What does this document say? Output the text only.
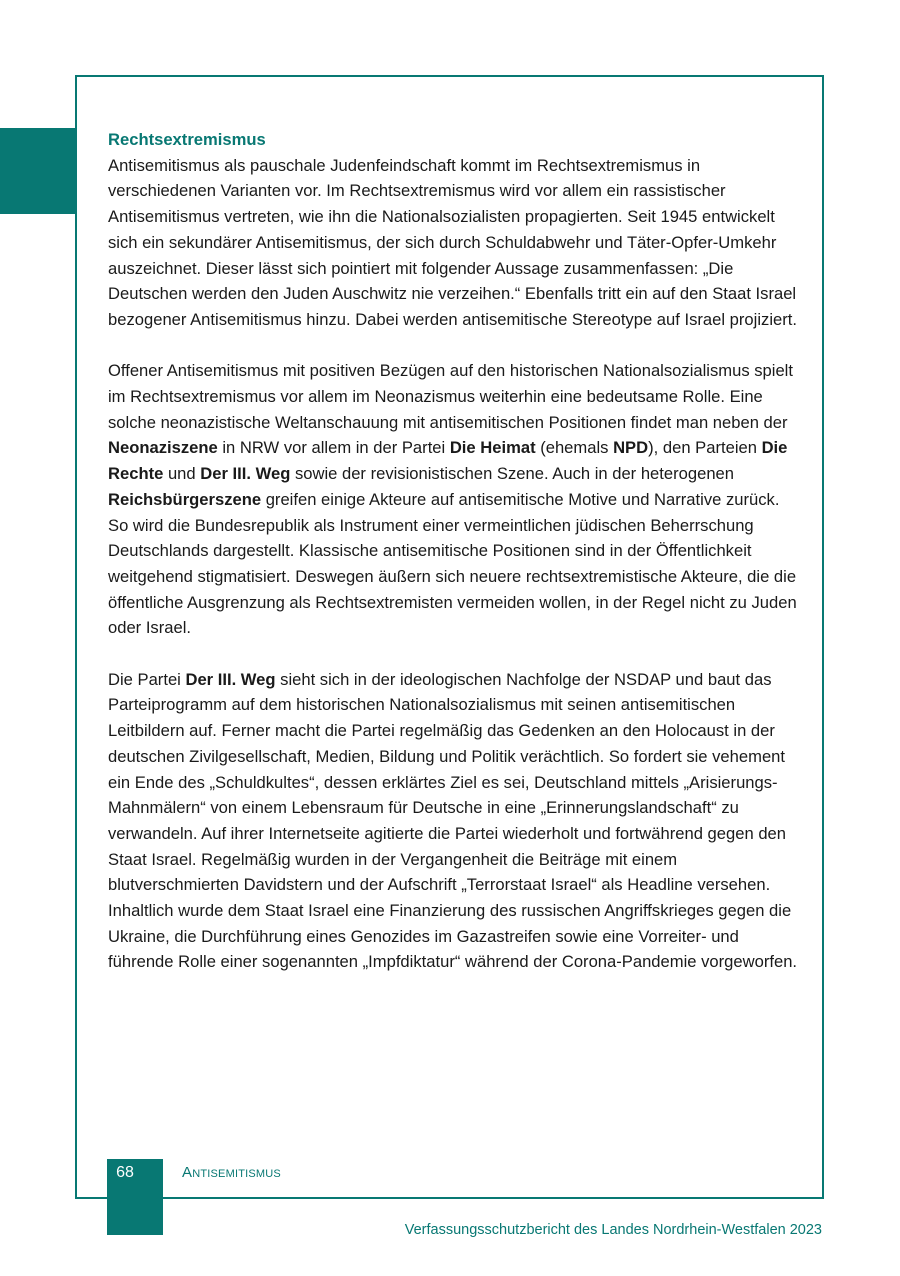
Rechtsextremismus

Antisemitismus als pauschale Judenfeindschaft kommt im Rechtsextremismus in verschiedenen Varianten vor. Im Rechtsextremismus wird vor allem ein rassistischer Antisemitismus vertreten, wie ihn die Nationalsozialisten propagierten. Seit 1945 entwickelt sich ein sekundärer Antisemitismus, der sich durch Schuldabwehr und Täter-Opfer-Umkehr auszeichnet. Dieser lässt sich pointiert mit folgender Aussage zusammenfassen: „Die Deutschen werden den Juden Auschwitz nie verzeihen.“ Ebenfalls tritt ein auf den Staat Israel bezogener Antisemitismus hinzu. Dabei werden antisemitische Stereotype auf Israel projiziert.

Offener Antisemitismus mit positiven Bezügen auf den historischen Nationalsozialismus spielt im Rechtsextremismus vor allem im Neonazismus weiterhin eine bedeutsame Rolle. Eine solche neonazistische Weltanschauung mit antisemitischen Positionen findet man neben der Neonaziszene in NRW vor allem in der Partei Die Heimat (ehemals NPD), den Parteien Die Rechte und Der III. Weg sowie der revisionistischen Szene. Auch in der heterogenen Reichsbürgerszene greifen einige Akteure auf antisemitische Motive und Narrative zurück. So wird die Bundesrepublik als Instrument einer vermeintlichen jüdischen Beherrschung Deutschlands dargestellt. Klassische antisemitische Positionen sind in der Öffentlichkeit weitgehend stigmatisiert. Deswegen äußern sich neuere rechtsextremistische Akteure, die die öffentliche Ausgrenzung als Rechtsextremisten vermeiden wollen, in der Regel nicht zu Juden oder Israel.

Die Partei Der III. Weg sieht sich in der ideologischen Nachfolge der NSDAP und baut das Parteiprogramm auf dem historischen Nationalsozialismus mit seinen antisemitischen Leitbildern auf. Ferner macht die Partei regelmäßig das Gedenken an den Holocaust in der deutschen Zivilgesellschaft, Medien, Bildung und Politik verächtlich. So fordert sie vehement ein Ende des „Schuldkultes“, dessen erklärtes Ziel es sei, Deutschland mittels „Arisierungs-Mahnmälern“ von einem Lebensraum für Deutsche in eine „Erinnerungslandschaft“ zu verwandeln. Auf ihrer Internetseite agitierte die Partei wiederholt und fortwährend gegen den Staat Israel. Regelmäßig wurden in der Vergangenheit die Beiträge mit einem blutverschmierten Davidstern und der Aufschrift „Terrorstaat Israel“ als Headline versehen. Inhaltlich wurde dem Staat Israel eine Finanzierung des russischen Angriffskrieges gegen die Ukraine, die Durchführung eines Genozides im Gazastreifen sowie eine Vorreiter- und führende Rolle einer sogenannten „Impfdiktatur“ während der Corona-Pandemie vorgeworfen.

68	Antisemitismus
Verfassungsschutzbericht des Landes Nordrhein-Westfalen 2023
